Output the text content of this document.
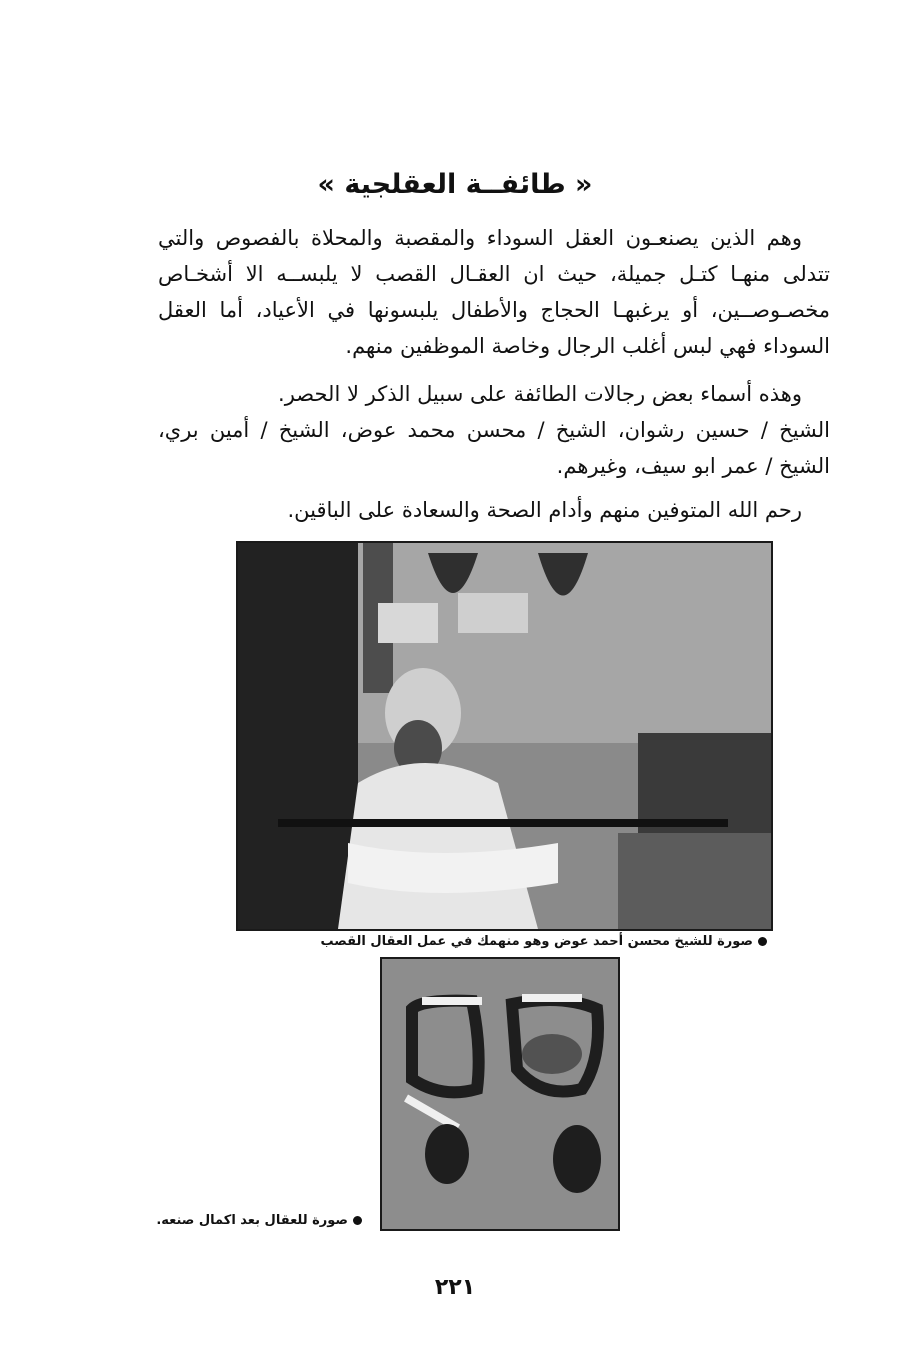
« طائفــة العقلجية »

وهم الذين يصنعـون العقل السوداء والمقصبة والمحلاة بالفصوص والتي تتدلى منهـا كتـل جميلة، حيث ان العقـال القصب لا يلبســه الا أشخـاص مخصـوصــين، أو يرغبهـا الحجاج والأطفال يلبسونها في الأعياد، أما العقل السوداء فهي لبس أغلب الرجال وخاصة الموظفين منهم.

وهذه أسماء بعض رجالات الطائفة على سبيل الذكر لا الحصر.

الشيخ / حسين رشوان، الشيخ / محسن محمد عوض، الشيخ / أمين بري، الشيخ / عمر ابو سيف، وغيرهم.

رحم الله المتوفين منهم وأدام الصحة والسعادة على الباقين.

صورة للشيخ محسن أحمد عوض وهو منهمك في عمل العقال القصب
صورة للعقال بعد اكمال صنعه.
٢٢١
